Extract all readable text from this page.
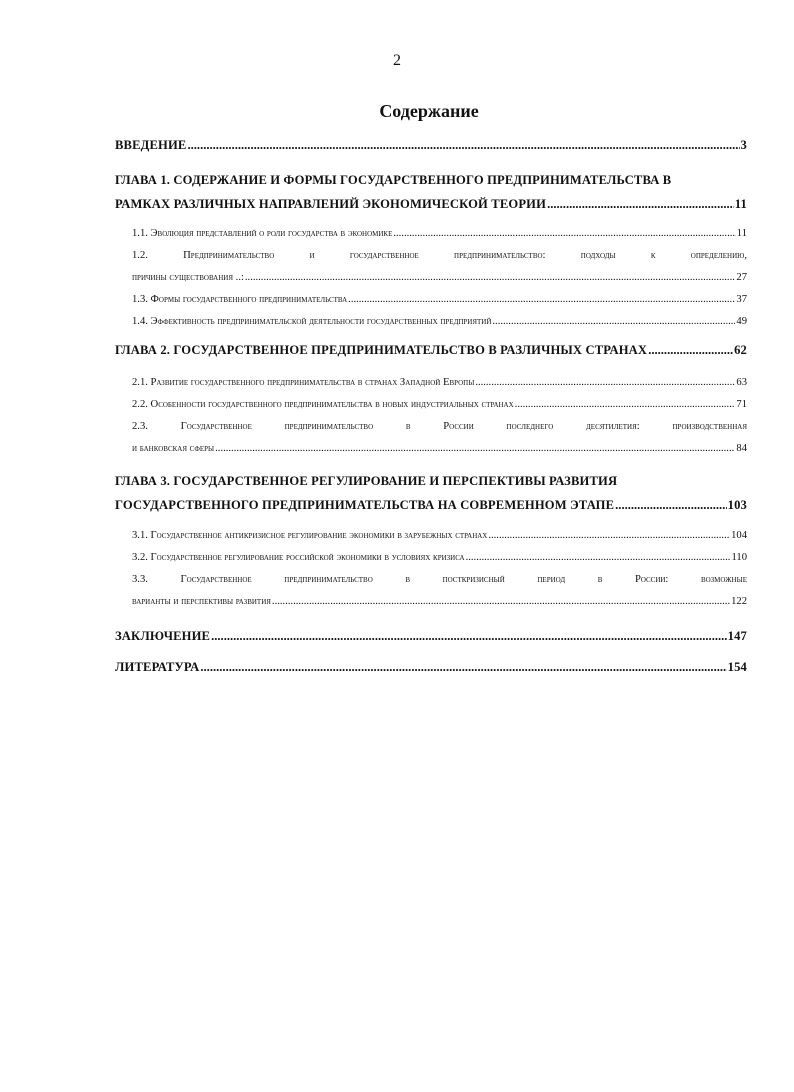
2
Содержание
ВВЕДЕНИЕ .....	3
ГЛАВА 1. СОДЕРЖАНИЕ И ФОРМЫ ГОСУДАРСТВЕННОГО ПРЕДПРИНИМАТЕЛЬСТВА В
РАМКАХ РАЗЛИЧНЫХ НАПРАВЛЕНИЙ ЭКОНОМИЧЕСКОЙ ТЕОРИИ .....	11
1.1. Эволюция представлений о роли государства в экономике .....	11
1.2. Предпринимательство и государственное предпринимательство: подходы к определению,
причины существования ..: .....	27
1.3. Формы государственного предпринимательства .....	37
1.4. Эффективность предпринимательской деятельности государственных предприятий .....	49
ГЛАВА 2. ГОСУДАРСТВЕННОЕ ПРЕДПРИНИМАТЕЛЬСТВО В РАЗЛИЧНЫХ СТРАНАХ .....	62
2.1. Развитие государственного предпринимательства в странах Западной Европы .....	63
2.2. Особенности государственного предпринимательства в новых индустриальных странах .....	71
2.3. Государственное предпринимательство в России последнего десятилетия: производственная
и банковская сферы .....	84
ГЛАВА 3. ГОСУДАРСТВЕННОЕ РЕГУЛИРОВАНИЕ И ПЕРСПЕКТИВЫ РАЗВИТИЯ
ГОСУДАРСТВЕННОГО ПРЕДПРИНИМАТЕЛЬСТВА НА СОВРЕМЕННОМ ЭТАПЕ .....	103
3.1. Государственное антикризисное регулирование экономики в зарубежных странах .....	104
3.2. Государственное регулирование российской экономики в условиях кризиса .....	110
3.3. Государственное предпринимательство в посткризисный период в России: возможные
варианты и перспективы развития .....	122
ЗАКЛЮЧЕНИЕ .....	147
ЛИТЕРАТУРА .....	154
